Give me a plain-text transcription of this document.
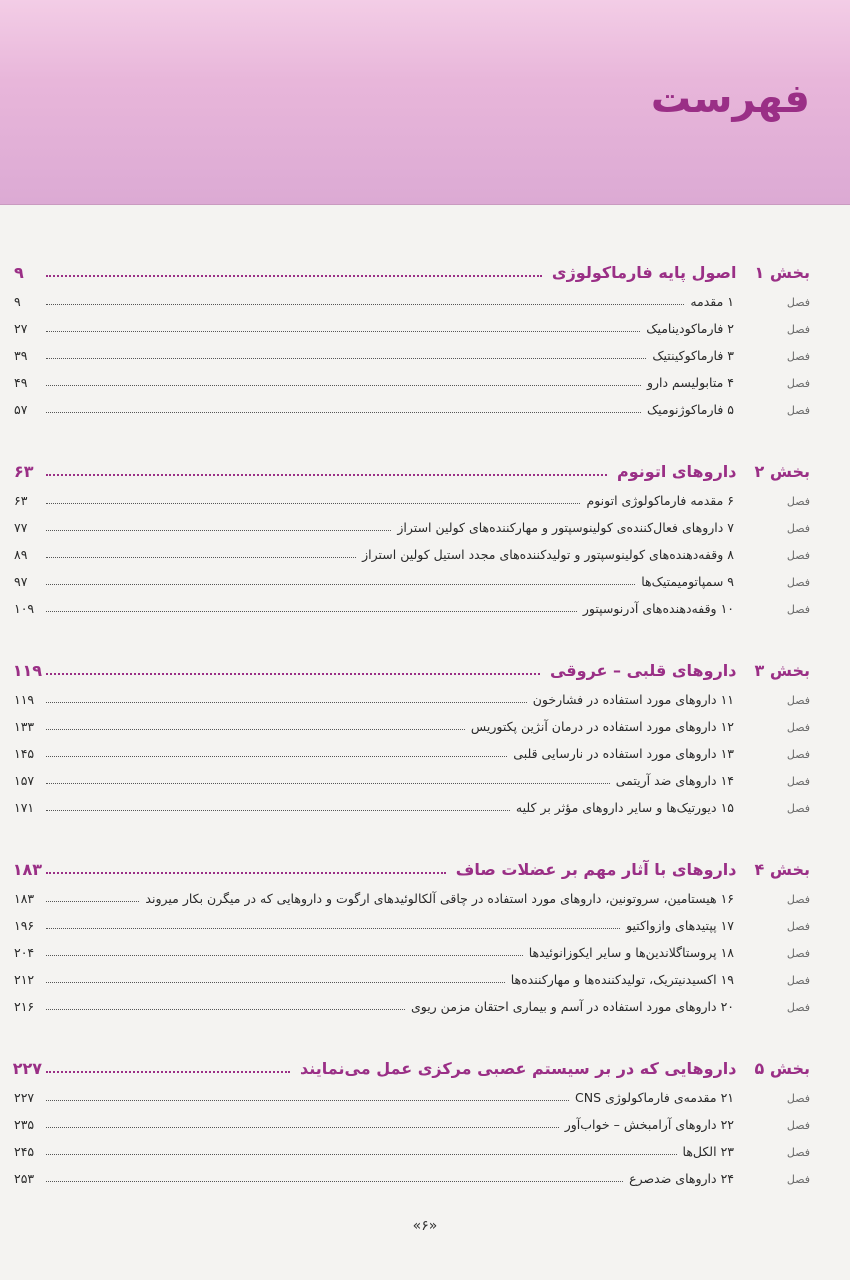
فهرست
بخش ۱
اصول پایه فارماکولوژی
۹
فصل
۱ مقدمه
۹
فصل
۲ فارماکودینامیک
۲۷
فصل
۳ فارماکوکینتیک
۳۹
فصل
۴ متابولیسم دارو
۴۹
فصل
۵ فارماکوژنومیک
۵۷
بخش ۲
داروهای اتونوم
۶۳
فصل
۶ مقدمه فارماکولوژی اتونوم
۶۳
فصل
۷ داروهای فعال‌کننده‌ی کولینوسپتور و مهارکننده‌های کولین استراز
۷۷
فصل
۸ وقفه‌دهنده‌های کولینوسپتور و تولیدکننده‌های مجدد استیل کولین استراز
۸۹
فصل
۹ سمپاتومیمتیک‌ها
۹۷
فصل
۱۰ وقفه‌دهنده‌های آدرنوسپتور
۱۰۹
بخش ۳
داروهای قلبی – عروقی
۱۱۹
فصل
۱۱ داروهای مورد استفاده در فشارخون
۱۱۹
فصل
۱۲ داروهای مورد استفاده در درمان آنژین پکتوریس
۱۳۳
فصل
۱۳ داروهای مورد استفاده در نارسایی قلبی
۱۴۵
فصل
۱۴ داروهای ضد آریتمی
۱۵۷
فصل
۱۵ دیورتیک‌ها و سایر داروهای مؤثر بر کلیه
۱۷۱
بخش ۴
داروهای با آثار مهم بر عضلات صاف
۱۸۳
فصل
۱۶ هیستامین، سروتونین، داروهای مورد استفاده در چاقی آلکالوئیدهای ارگوت و داروهایی که در میگرن بکار میروند
۱۸۳
فصل
۱۷ پپتیدهای وازواکتیو
۱۹۶
فصل
۱۸ پروستاگلاندین‌ها و سایر ایکوزانوئیدها
۲۰۴
فصل
۱۹ اکسیدنیتریک، تولیدکننده‌ها و مهارکننده‌ها
۲۱۲
فصل
۲۰ داروهای مورد استفاده در آسم و بیماری احتقان مزمن ریوی
۲۱۶
بخش ۵
داروهایی که در بر سیستم عصبی مرکزی عمل می‌نمایند
۲۲۷
فصل
۲۱ مقدمه‌ی فارماکولوژی CNS
۲۲۷
فصل
۲۲ داروهای آرامبخش – خواب‌آور
۲۳۵
فصل
۲۳ الکل‌ها
۲۴۵
فصل
۲۴ داروهای ضدصرع
۲۵۳
«۶»
